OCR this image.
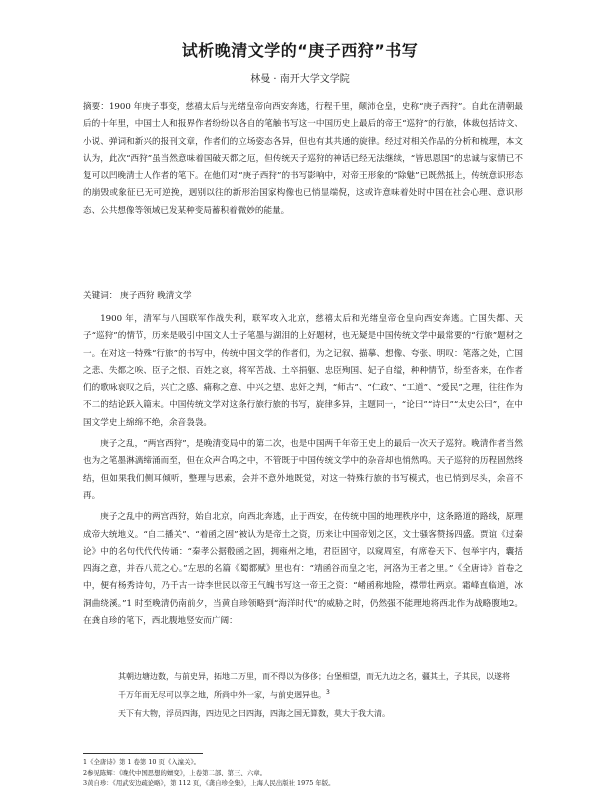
试析晚清文学的“庚子西狩”书写
林曼 · 南开大学文学院
摘要：1900 年庚子事变，慈禧太后与光绪皇帝向西安奔逃，行程千里，颠沛仓皇，史称“庚子西狩”。自此在清朝最后的十年里，中国士人和报界作者纷纷以各自的笔触书写这一中国历史上最后的帝王“巡狩”的行旅，体裁包括诗文、小说、弹词和新兴的报刊文章，作者们的立场姿态各异，但也有其共通的旋律。经过对相关作品的分析和梳理，本文认为，此次“西狩”虽当然意味着国破天都之厄，但传统天子巡狩的神话已经无法继续，“皆思恩国”的忠诚与家情已不复可以凹晚清士人作者的笔下。在他们对“庚子西狩”的书写影响中，对帝王形象的“除魅”已既然抵上，传统意识形态的崩毁或象征已无可逆挽，迥别以往的新形治国家构像也已悄显端倪，这或许意味着处时中国在社会心理、意识形态、公共想像等领域已发某种变局蓄积着微妙的能量。
关键词： 庚子西狩 晚清文学

1900 年，清军与八国联军作战失利，联军攻入北京，慈禧太后和光绪皇帝仓皇向西安奔逃。亡国失都、天子“巡狩”的情节，历来是吸引中国文人士子笔墨与湖泪的上好题材，也无疑是中国传统文学中最常要的“行旅”题材之一。在对这一特殊“行旅”的书写中，传统中国文学的作者们，为之记叙、描摹、想像、夸张、明叹：笔落之处，亡国之悲、失都之唉、臣子之恨、百姓之哀，将军苦战、土卒捐躯、忠臣殉国、妃子自缢，种种情节，纷至沓来，在作者们的歌咏哀叹之后，兴亡之感、痛称之意、中兴之望、忠奸之判，“师古”、“仁政”、“工道”、“爱民”之理，往往作为不二的结论跃入篇末。中国传统文学对这条行旅行旅的书写，旋律多异，主题同一，“论曰”“诗曰”“太史公曰”，在中国文学史上绵绵不绝，余音袅袅。

庚子之乱，“两宫西狩”，是晚清变局中的第二次，也是中国两千年帝王史上的最后一次天子巡狩。晚清作者当然也为之笔墨淋漓缔涌而至，但在众声合鸣之中，不管既于中国传统文学中的杂音却也悄然鸣。天子巡狩的历程固然终结，但如果我们侧耳倾听，整理与思索，会并不意外地既觉，对这一特殊行旅的书写模式，也已悄到尽头，余音不再。

庚子之乱中的两宫西狩，始自北京，向西北奔逃，止于西安，在传统中国的地理秩序中，这条路道的路线，原理成帝大统地义。“自二播关”、“着函之固”被认为是帝土之资，历来让中国帝划之区，文士骚客赞扬四盛。贾谊《过秦论》中的名句代代代传诵：“秦孝公据殽函之固，拥雍州之地，君臣固守，以窥周室，有席卷天下、包举宇内，囊括四海之意，并吞八荒之心。”左思的名篇《蜀都赋》里也有：“靖函谷而皇之宅，河洛为王者之里。”《全唐诗》首卷之中，便有杨秀诗句，乃千古一诗李世民以帝王气魄书写这一帝王之资：“崤函称地险，襟带壮两京。霜峰直临道，冰洞曲绕溪。”1 时至晚清仍南前夕，当黄自珍领略到“海洋时代”的威胁之时，仍然强不能理地将西北作为战略腹地2。在龚自珍的笔下，西北腹地竖安而广阔：

其朝边塘边数，与前史异，拓地二万里，而不得以为侈侈；台堡相望，而无九边之名，疆其土，子其民，以遂将千万年而无尽可以享之地，所尚中外一家，与前史迥异也。$^3$

天下有大物，浮员四海，四边见之曰四海，四海之国无算数，莫大于我大清。

1《全唐诗》第 1 卷第 10 页《入潼关》。
2参见陈辉：《晚代中国思想的嬗变》，上卷第二部、第三、六章。
3黄自珍：《用武安边疏论略》，第 112 页，《龚自珍全集》，上海人民出版社 1975 年版。
